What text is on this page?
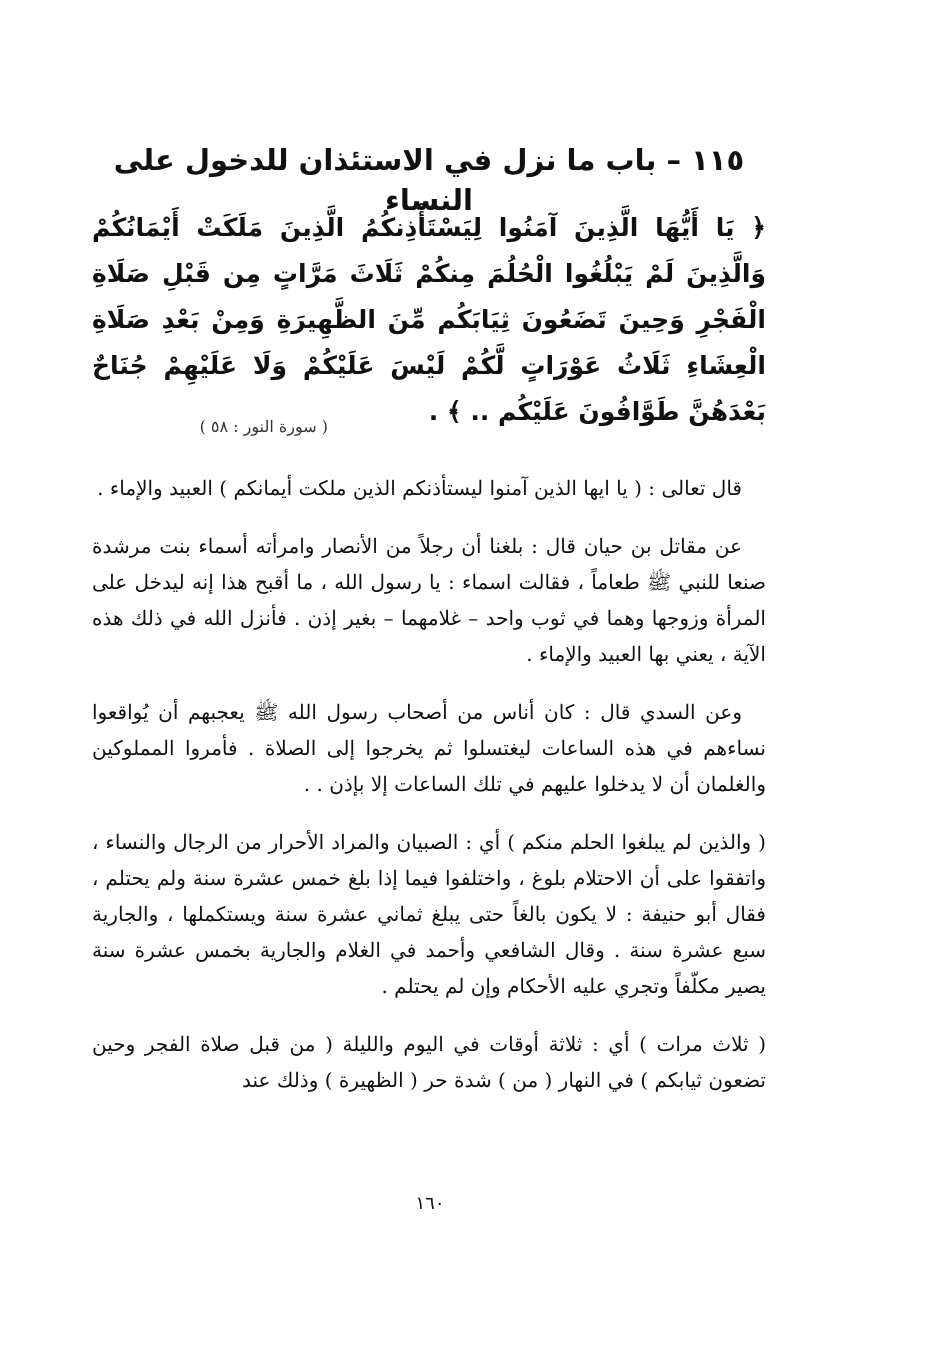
١١٥ – باب ما نزل في الاستئذان للدخول على النساء

﴿ يَا أَيُّهَا الَّذِينَ آمَنُوا لِيَسْتَأْذِنكُمُ الَّذِينَ مَلَكَتْ أَيْمَانُكُمْ وَالَّذِينَ لَمْ يَبْلُغُوا الْحُلُمَ مِنكُمْ ثَلَاثَ مَرَّاتٍ مِن قَبْلِ صَلَاةِ الْفَجْرِ وَحِينَ تَضَعُونَ ثِيَابَكُم مِّنَ الظَّهِيرَةِ وَمِنْ بَعْدِ صَلَاةِ الْعِشَاءِ ثَلَاثُ عَوْرَاتٍ لَّكُمْ لَيْسَ عَلَيْكُمْ وَلَا عَلَيْهِمْ جُنَاحٌ بَعْدَهُنَّ طَوَّافُونَ عَلَيْكُم .. ﴾ .

( سورة النور : ٥٨ )

قال تعالى : ( يا ايها الذين آمنوا ليستأذنكم الذين ملكت أيمانكم ) العبيد والإماء .

عن مقاتل بن حيان قال : بلغنا أن رجلاً من الأنصار وامرأته أسماء بنت مرشدة صنعا للنبي ﷺ طعاماً ، فقالت اسماء : يا رسول الله ، ما أقبح هذا إنه ليدخل على المرأة وزوجها وهما في ثوب واحد – غلامهما – بغير إذن . فأنزل الله في ذلك هذه الآية ، يعني بها العبيد والإماء .

وعن السدي قال : كان أناس من أصحاب رسول الله ﷺ يعجبهم أن يُواقعوا نساءهم في هذه الساعات ليغتسلوا ثم يخرجوا إلى الصلاة . فأمروا المملوكين والغلمان أن لا يدخلوا عليهم في تلك الساعات إلا بإذن . .

( والذين لم يبلغوا الحلم منكم ) أي : الصبيان والمراد الأحرار من الرجال والنساء ، واتفقوا على أن الاحتلام بلوغ ، واختلفوا فيما إذا بلغ خمس عشرة سنة ولم يحتلم ، فقال أبو حنيفة : لا يكون بالغاً حتى يبلغ ثماني عشرة سنة ويستكملها ، والجارية سبع عشرة سنة . وقال الشافعي وأحمد في الغلام والجارية بخمس عشرة سنة يصير مكلّفاً وتجري عليه الأحكام وإن لم يحتلم .

( ثلاث مرات ) أي : ثلاثة أوقات في اليوم والليلة ( من قبل صلاة الفجر وحين تضعون ثيابكم ) في النهار ( من ) شدة حر ( الظهيرة ) وذلك عند

١٦٠
